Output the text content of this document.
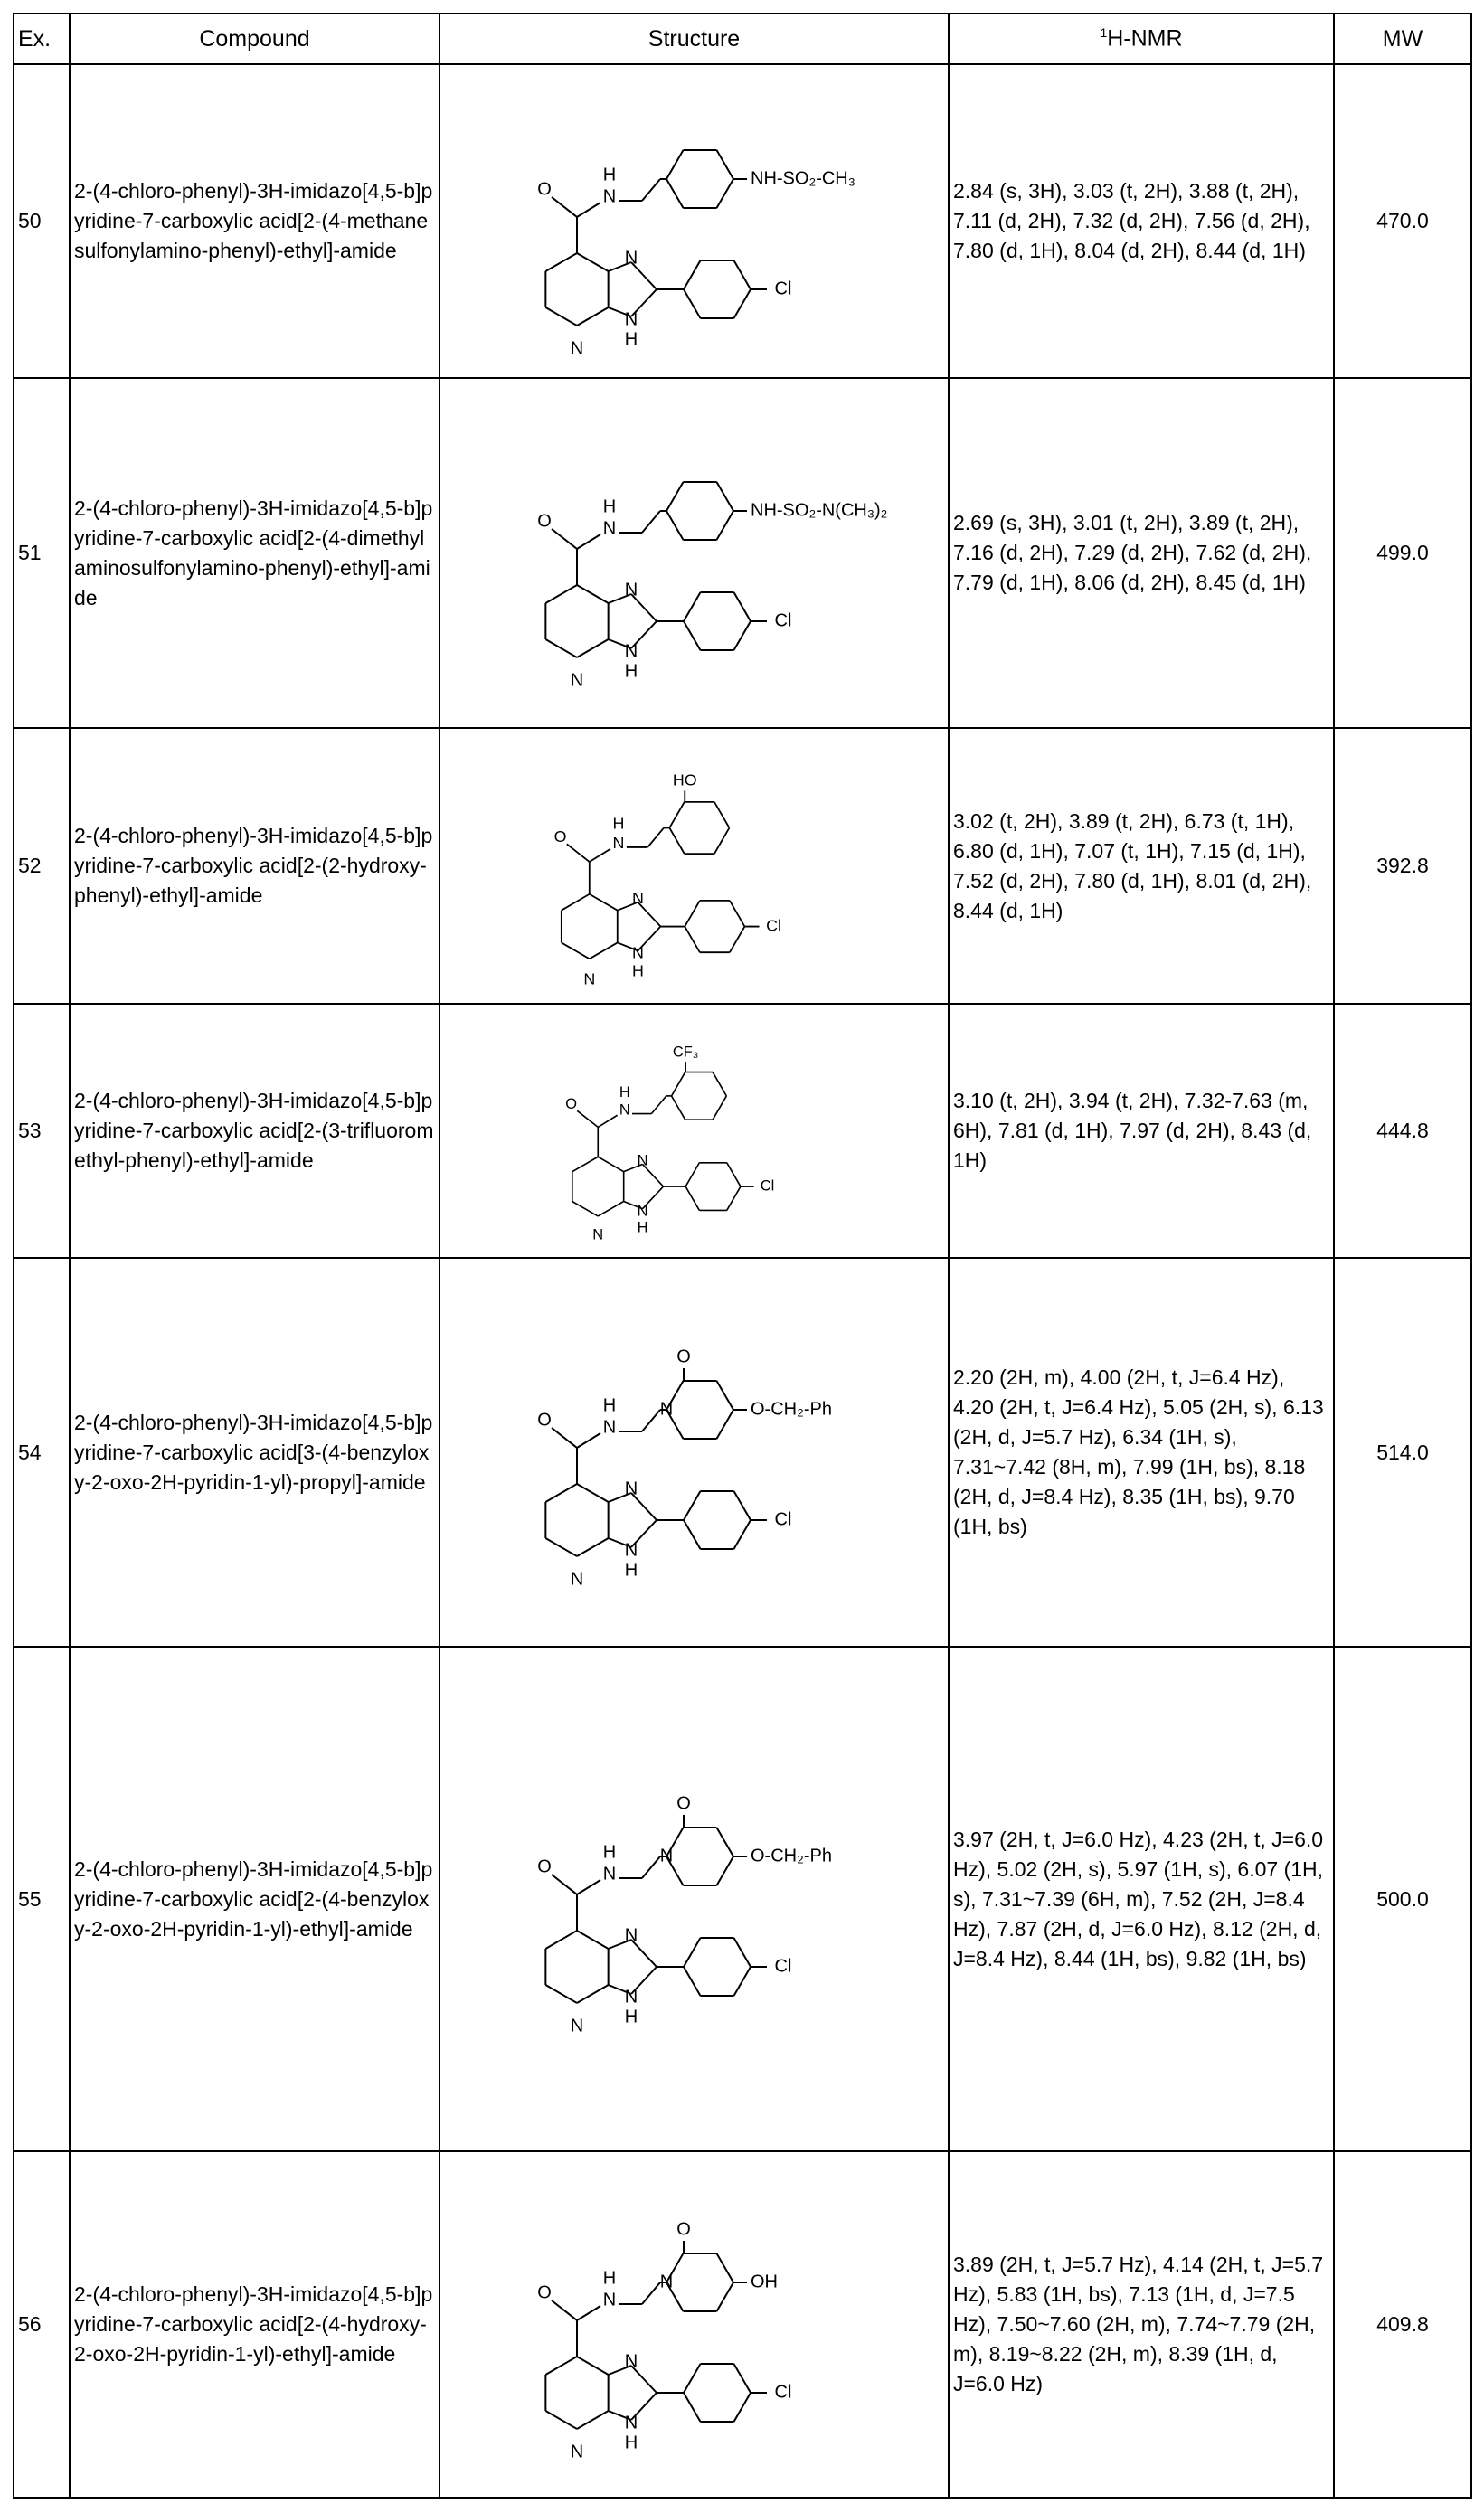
Ex.	Compound	Structure	1H-NMR	MW
50	2-(4-chloro-phenyl)-3H-imidazo[4,5-b]pyridine-7-carboxylic acid[2-(4-methanesulfonylamino-phenyl)-ethyl]-amide	N
N
H
N
Cl
O	N
H	NH-SO₂-CH₃
	2.84 (s, 3H), 3.03 (t, 2H), 3.88 (t, 2H), 7.11 (d, 2H), 7.32 (d, 2H), 7.56 (d, 2H), 7.80 (d, 1H), 8.04 (d, 2H), 8.44 (d, 1H)	470.0
51	2-(4-chloro-phenyl)-3H-imidazo[4,5-b]pyridine-7-carboxylic acid[2-(4-dimethylaminosulfonylamino-phenyl)-ethyl]-amide	N
N
H
N
Cl
O	N
H	NH-SO₂-N(CH₃)₂
	2.69 (s, 3H), 3.01 (t, 2H), 3.89 (t, 2H), 7.16 (d, 2H), 7.29 (d, 2H), 7.62 (d, 2H), 7.79 (d, 1H), 8.06 (d, 2H), 8.45 (d, 1H)	499.0
52	2-(4-chloro-phenyl)-3H-imidazo[4,5-b]pyridine-7-carboxylic acid[2-(2-hydroxy-phenyl)-ethyl]-amide	N
N
H
N
Cl
O	N
H
HO
	3.02 (t, 2H), 3.89 (t, 2H), 6.73 (t, 1H), 6.80 (d, 1H), 7.07 (t, 1H), 7.15 (d, 1H), 7.52 (d, 2H), 7.80 (d, 1H), 8.01 (d, 2H), 8.44 (d, 1H)	392.8
53	2-(4-chloro-phenyl)-3H-imidazo[4,5-b]pyridine-7-carboxylic acid[2-(3-trifluoromethyl-phenyl)-ethyl]-amide	N
N
H
N
Cl
O N
H
CF₃
	3.10 (t, 2H), 3.94 (t, 2H), 7.32-7.63 (m, 6H), 7.81 (d, 1H), 7.97 (d, 2H), 8.43 (d, 1H)	444.8
54	2-(4-chloro-phenyl)-3H-imidazo[4,5-b]pyridine-7-carboxylic acid[3-(4-benzyloxy-2-oxo-2H-pyridin-1-yl)-propyl]-amide	N
N
H
N
Cl
O	N
H N	O-CH₂-Ph
O
	2.20 (2H, m), 4.00 (2H, t, J=6.4 Hz), 4.20 (2H, t, J=6.4 Hz), 5.05 (2H, s), 6.13 (2H, d, J=5.7 Hz), 6.34 (1H, s), 7.31~7.42 (8H, m), 7.99 (1H, bs), 8.18 (2H, d, J=8.4 Hz), 8.35 (1H, bs), 9.70 (1H, bs)	514.0
55	2-(4-chloro-phenyl)-3H-imidazo[4,5-b]pyridine-7-carboxylic acid[2-(4-benzyloxy-2-oxo-2H-pyridin-1-yl)-ethyl]-amide	N
N
H
N
Cl
O	N
H N	O-CH₂-Ph
O
	3.97 (2H, t, J=6.0 Hz), 4.23 (2H, t, J=6.0 Hz), 5.02 (2H, s), 5.97 (1H, s), 6.07 (1H, s), 7.31~7.39 (6H, m), 7.52 (2H, J=8.4 Hz), 7.87 (2H, d, J=6.0 Hz), 8.12 (2H, d, J=8.4 Hz), 8.44 (1H, bs), 9.82 (1H, bs)	500.0
56	2-(4-chloro-phenyl)-3H-imidazo[4,5-b]pyridine-7-carboxylic acid[2-(4-hydroxy-2-oxo-2H-pyridin-1-yl)-ethyl]-amide	N
N
H
N
Cl
O	N
H N	OH
O
	3.89 (2H, t, J=5.7 Hz), 4.14 (2H, t, J=5.7 Hz), 5.83 (1H, bs), 7.13 (1H, d, J=7.5 Hz), 7.50~7.60 (2H, m), 7.74~7.79 (2H, m), 8.19~8.22 (2H, m), 8.39 (1H, d, J=6.0 Hz)	409.8
